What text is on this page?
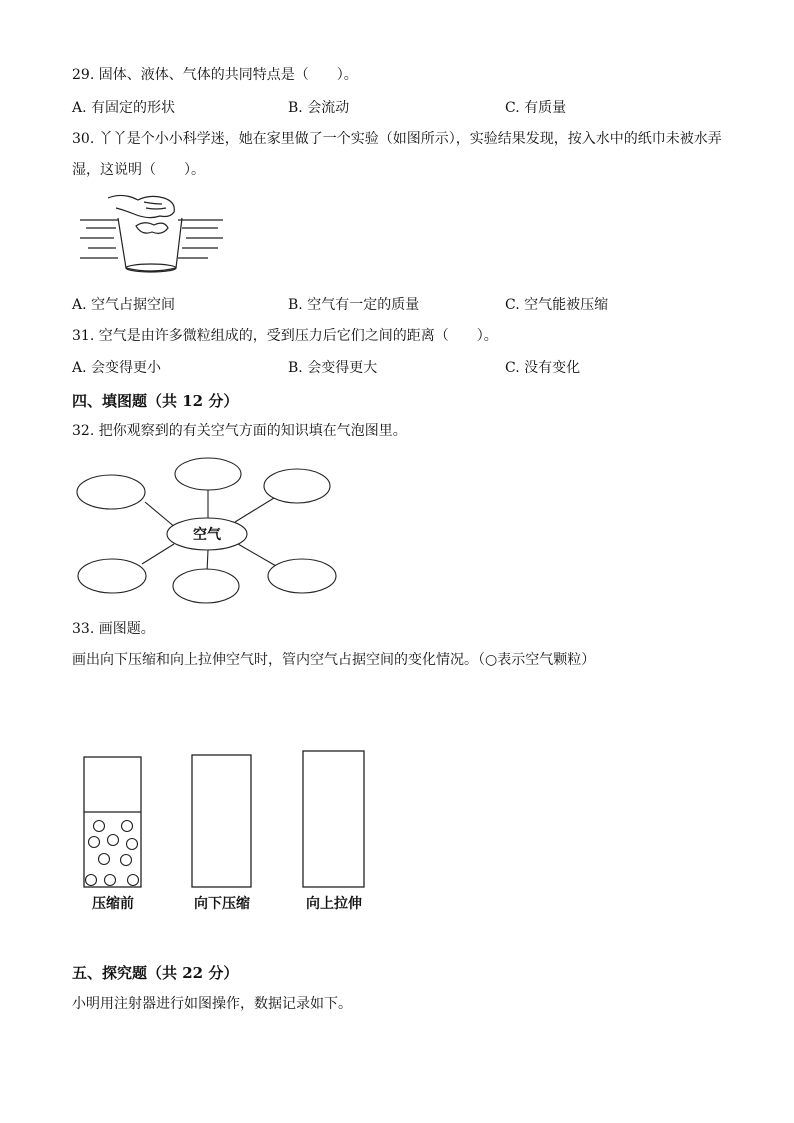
29. 固体、液体、气体的共同特点是（　　）。
A. 有固定的形状	B. 会流动	C. 有质量
30. 丫丫是个小小科学迷，她在家里做了一个实验（如图所示），实验结果发现，按入水中的纸巾未被水弄
湿，这说明（　　）。
A. 空气占据空间	B. 空气有一定的质量	C. 空气能被压缩
31. 空气是由许多微粒组成的，受到压力后它们之间的距离（　　）。
A. 会变得更小	B. 会变得更大	C. 没有变化
四、填图题（共 12 分）
32. 把你观察到的有关空气方面的知识填在气泡图里。
空气
33. 画图题。
画出向下压缩和向上拉伸空气时，管内空气占据空间的变化情况。（○表示空气颗粒）
压缩前	向下压缩	向上拉伸
五、探究题（共 22 分）
小明用注射器进行如图操作，数据记录如下。
